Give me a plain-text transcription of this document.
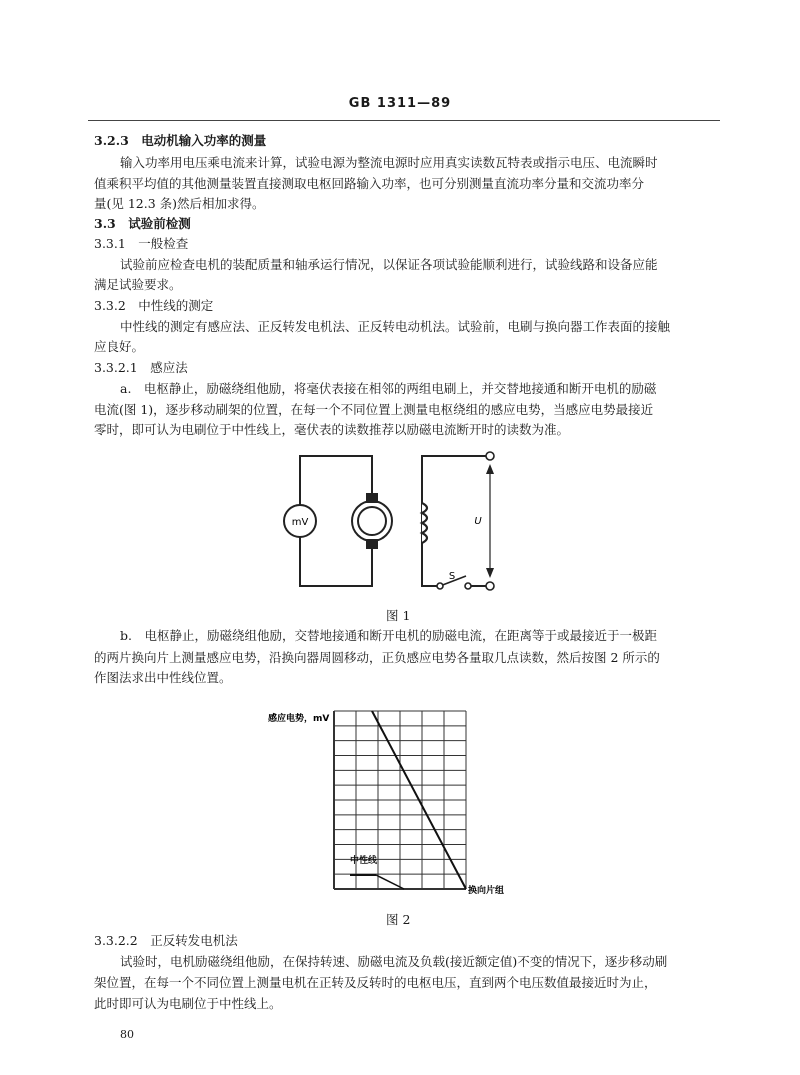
GB 1311—89
3.2.3　电动机输入功率的测量
输入功率用电压乘电流来计算，试验电源为整流电源时应用真实读数瓦特表或指示电压、电流瞬时
值乘积平均值的其他测量装置直接测取电枢回路输入功率，也可分别测量直流功率分量和交流功率分
量(见 12.3 条)然后相加求得。
3.3　试验前检测
3.3.1　一般检查
试验前应检查电机的装配质量和轴承运行情况，以保证各项试验能顺利进行，试验线路和设备应能
满足试验要求。
3.3.2　中性线的测定
中性线的测定有感应法、正反转发电机法、正反转电动机法。试验前，电刷与换向器工作表面的接触
应良好。
3.3.2.1　感应法
a.　电枢静止，励磁绕组他励，将毫伏表接在相邻的两组电刷上，并交替地接通和断开电机的励磁
电流(图 1)，逐步移动刷架的位置，在每一个不同位置上测量电枢绕组的感应电势，当感应电势最接近
零时，即可认为电刷位于中性线上，毫伏表的读数推荐以励磁电流断开时的读数为准。
mV	U
S
图 1
b.　电枢静止，励磁绕组他励，交替地接通和断开电机的励磁电流，在距离等于或最接近于一极距
的两片换向片上测量感应电势，沿换向器周圆移动，正负感应电势各量取几点读数，然后按图 2 所示的
作图法求出中性线位置。
感应电势，mV
换向片组
中性线
图 2
3.3.2.2　正反转发电机法
试验时，电机励磁绕组他励，在保持转速、励磁电流及负载(接近额定值)不变的情况下，逐步移动刷
架位置，在每一个不同位置上测量电机在正转及反转时的电枢电压，直到两个电压数值最接近时为止，
此时即可认为电刷位于中性线上。
80
